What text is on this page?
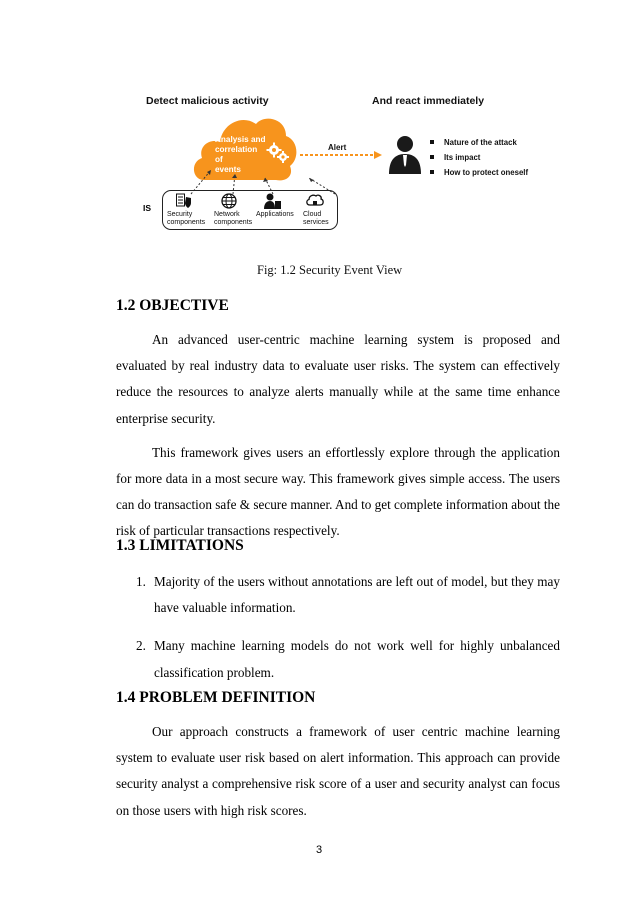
Detect malicious activity	And react immediately
Analysis and
correlation
of
events
Alert
Nature of the attack
Its impact
How to protect oneself
IS
Security
components
Network
components
Applications Cloud
services
Fig: 1.2 Security Event View
1.2 OBJECTIVE

An advanced user-centric machine learning system is proposed and evaluated by real industry data to evaluate user risks. The system can effectively reduce the resources to analyze alerts manually while at the same time enhance enterprise security.

This framework gives users an effortlessly explore through the application for more data in a most secure way. This framework gives simple access. The users can do transaction safe & secure manner. And to get complete information about the risk of particular transactions respectively.

1.3 LIMITATIONS
1. Majority of the users without annotations are left out of model, but they may have valuable information.
2. Many machine learning models do not work well for highly unbalanced classification problem.
1.4 PROBLEM DEFINITION

Our approach constructs a framework of user centric machine learning system to evaluate user risk based on alert information. This approach can provide security analyst a comprehensive risk score of a user and security analyst can focus on those users with high risk scores.

3
